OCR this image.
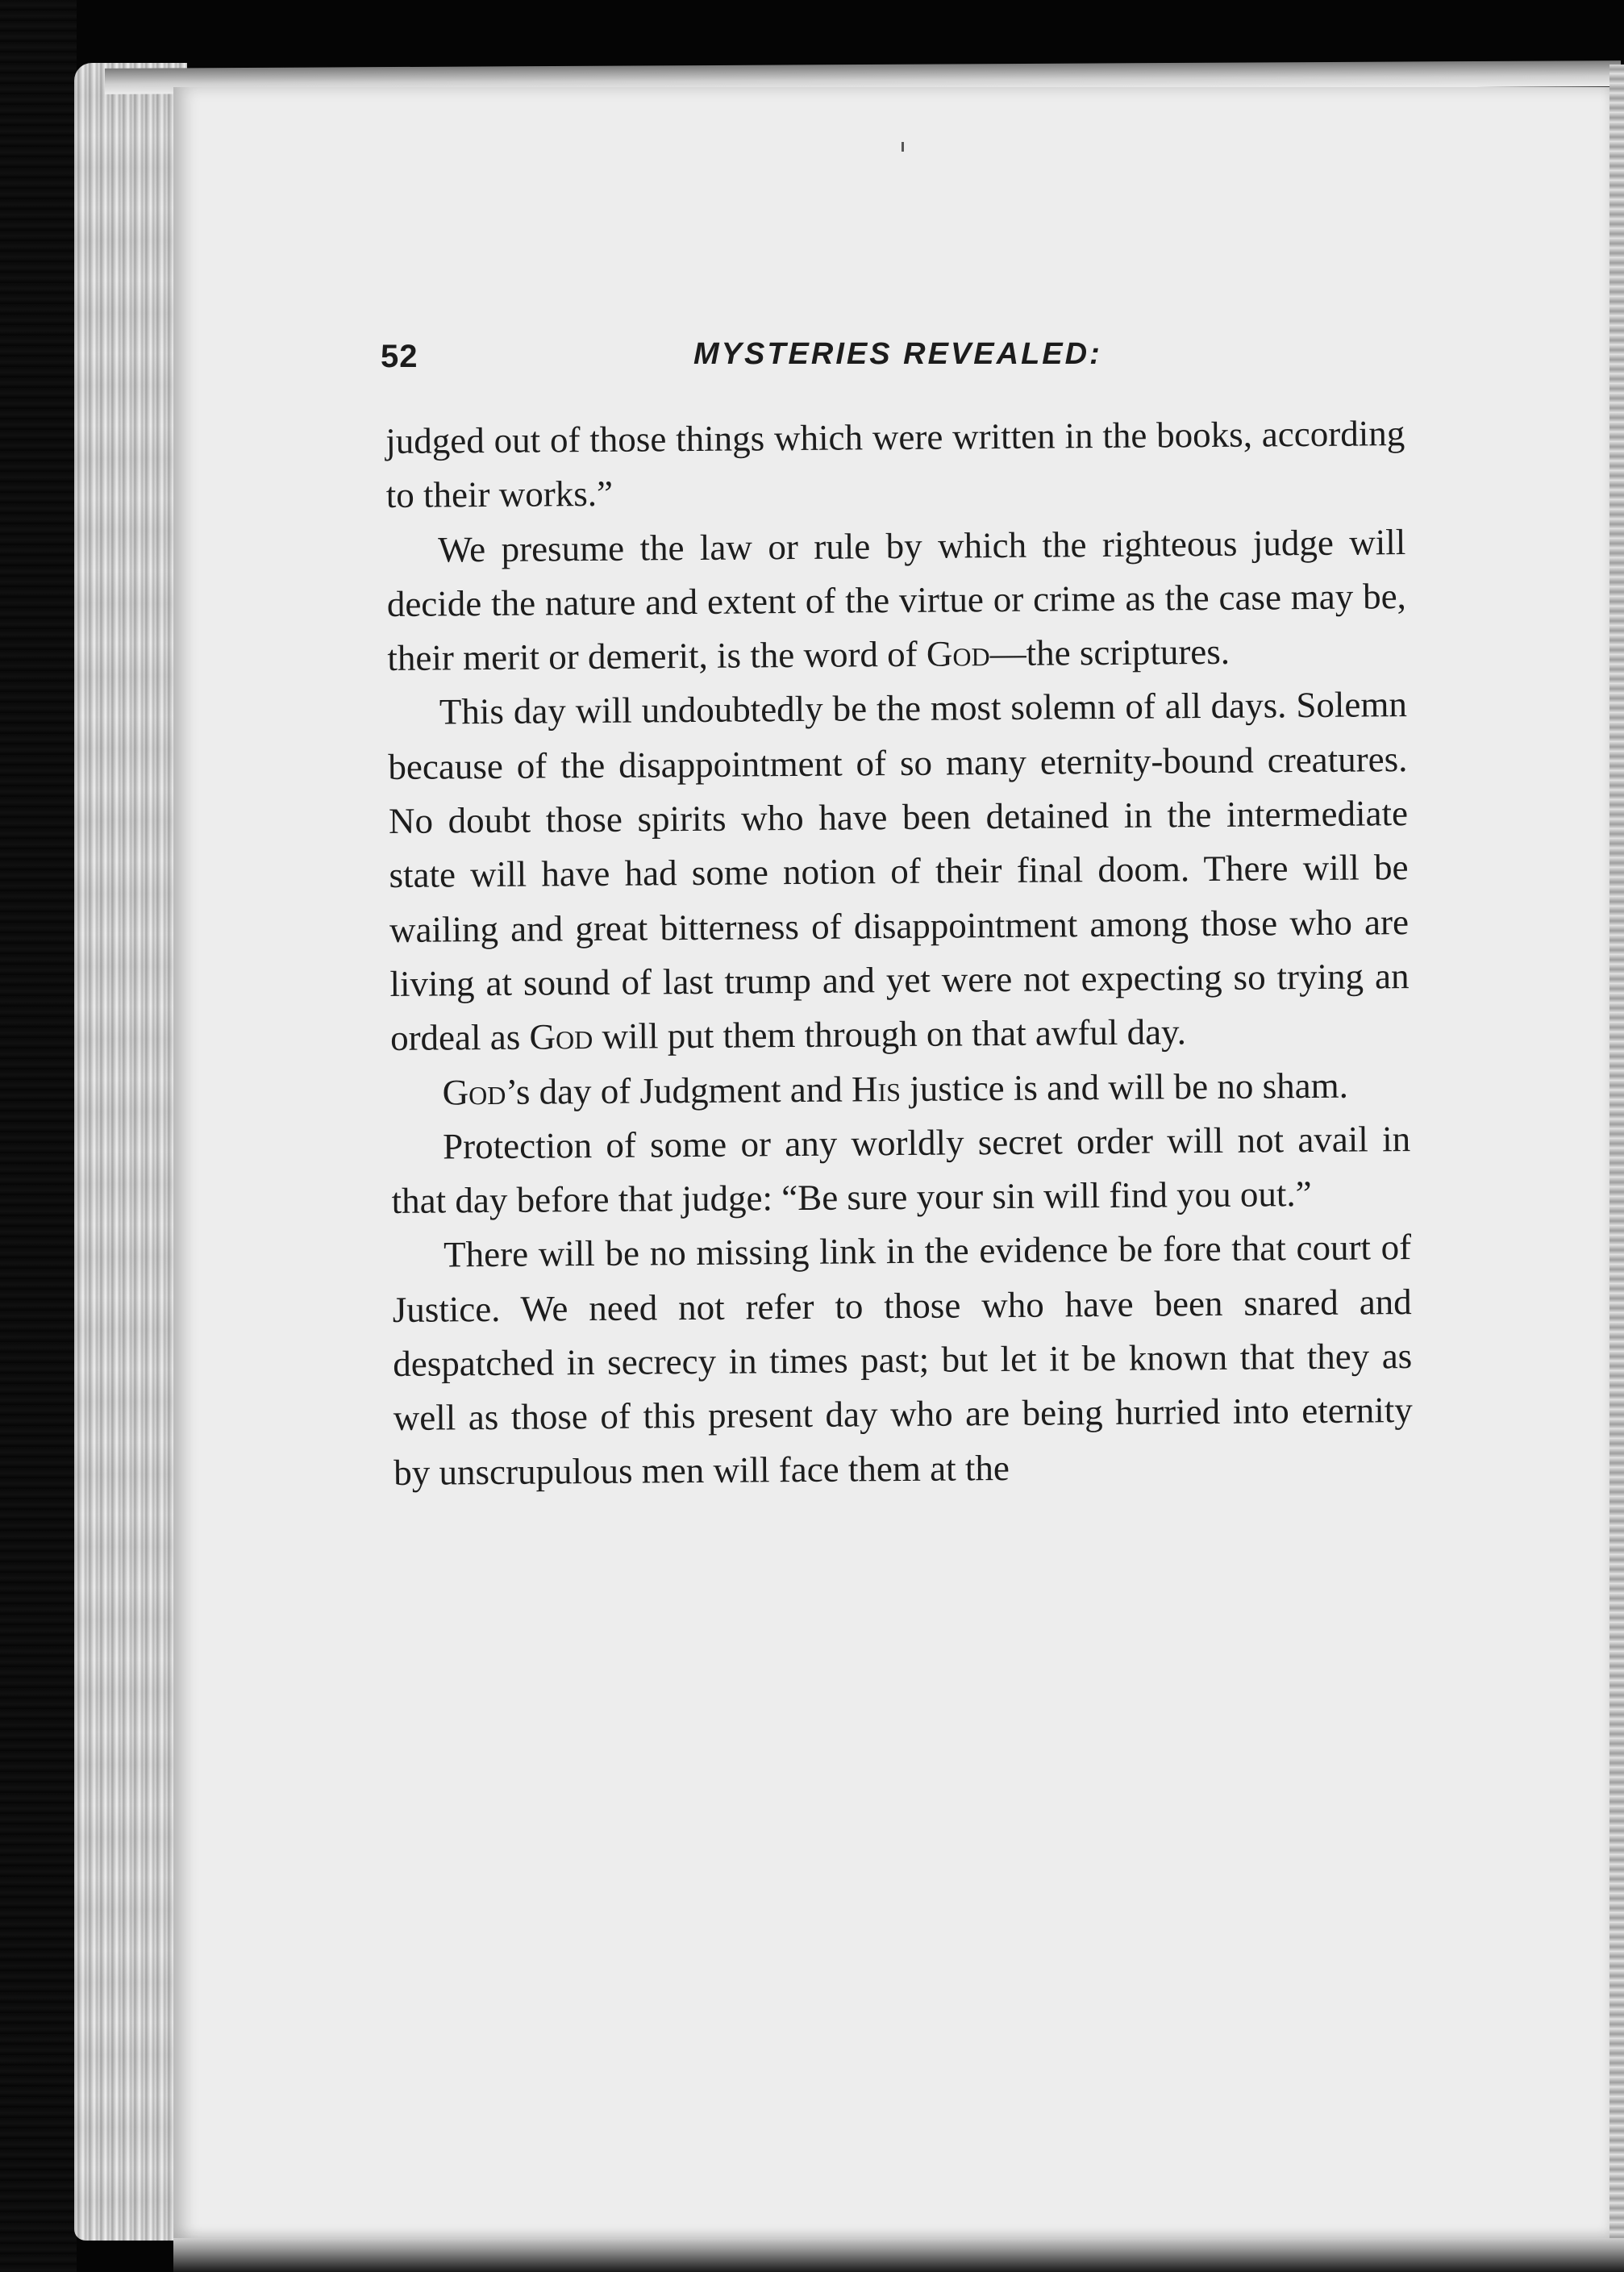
52	MYSTERIES REVEALED:

judged out of those things which were written in the books, according to their works.”

We presume the law or rule by which the righteous judge will decide the nature and extent of the virtue or crime as the case may be, their merit or demerit, is the word of God—the scriptures.

This day will undoubtedly be the most solemn of all days. Solemn because of the disappointment of so many eternity-bound creatures. No doubt those spirits who have been detained in the intermediate state will have had some notion of their final doom. There will be wailing and great bitterness of disappointment among those who are living at sound of last trump and yet were not expecting so trying an ordeal as God will put them through on that awful day.

God’s day of Judgment and His justice is and will be no sham.

Protection of some or any worldly secret order will not avail in that day before that judge: “Be sure your sin will find you out.”

There will be no missing link in the evidence be fore that court of Justice. We need not refer to those who have been snared and despatched in secrecy in times past; but let it be known that they as well as those of this present day who are being hurried into eternity by unscrupulous men will face them at the
